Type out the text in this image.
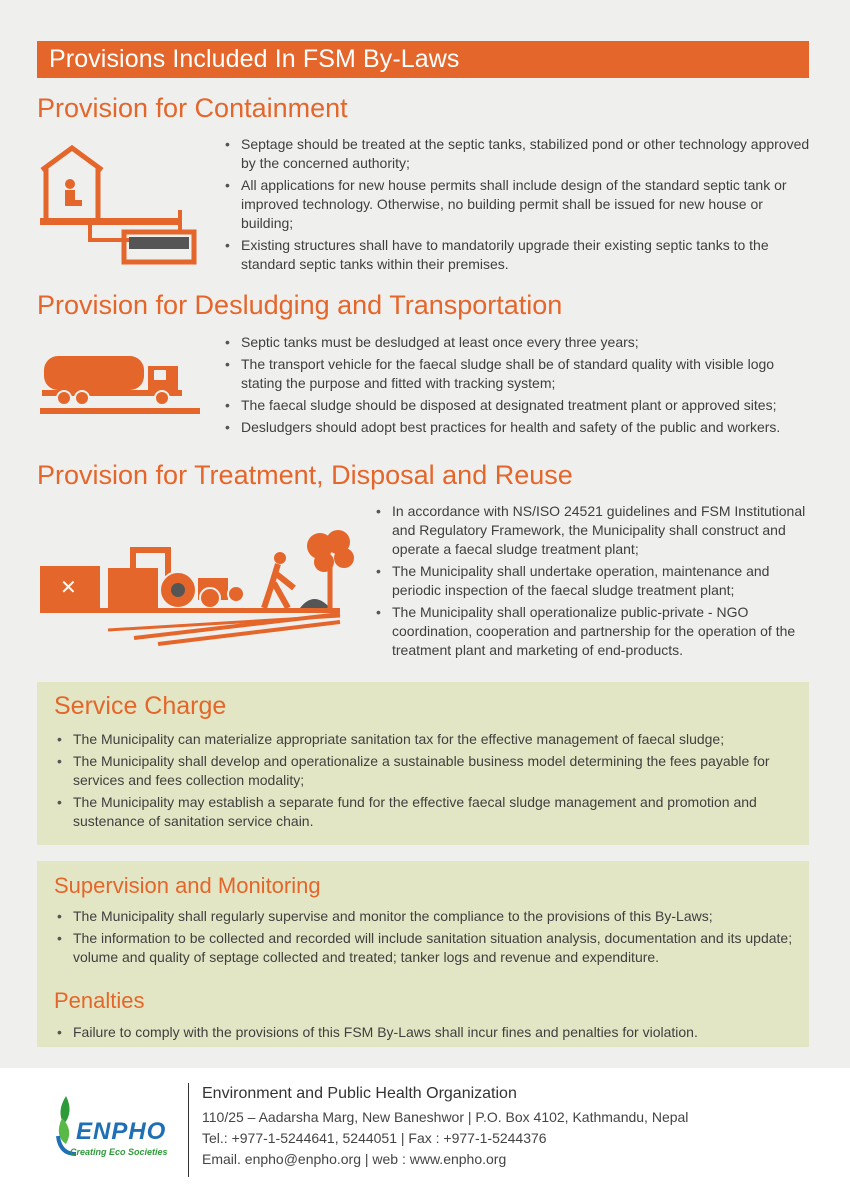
Provisions Included In FSM By-Laws
Provision for Containment
• Septage should be treated at the septic tanks, stabilized pond or other technology approved by the concerned authority;
• All applications for new house permits shall include design of the standard septic tank or improved technology. Otherwise, no building permit shall be issued for new house or building;
• Existing structures shall have to mandatorily upgrade their existing septic tanks to the standard septic tanks within their premises.
Provision for Desludging and Transportation
• Septic tanks must be desludged at least once every three years;
• The transport vehicle for the faecal sludge shall be of standard quality with visible logo stating the purpose and fitted with tracking system;
• The faecal sludge should be disposed at designated treatment plant or approved sites;
• Desludgers should adopt best practices for health and safety of the public and workers.
Provision for Treatment, Disposal and Reuse
✕
• In accordance with NS/ISO 24521 guidelines and FSM Institutional and Regulatory Framework, the Municipality shall construct and operate a faecal sludge treatment plant;
• The Municipality shall undertake operation, maintenance and periodic inspection of the faecal sludge treatment plant;
• The Municipality shall operationalize public-private - NGO coordination, cooperation and partnership for the operation of the treatment plant and marketing of end-products.
Service Charge
• The Municipality can materialize appropriate sanitation tax for the effective management of faecal sludge;
• The Municipality shall develop and operationalize a sustainable business model determining the fees payable for services and fees collection modality;
• The Municipality may establish a separate fund for the effective faecal sludge management and promotion and sustenance of sanitation service chain.
Supervision and Monitoring
• The Municipality shall regularly supervise and monitor the compliance to the provisions of this By-Laws;
• The information to be collected and recorded will include sanitation situation analysis, documentation and its update; volume and quality of septage collected and treated; tanker logs and revenue and expenditure.
Penalties
• Failure to comply with the provisions of this FSM By-Laws shall incur fines and penalties for violation.
ENPHO
Creating Eco Societies

Environment and Public Health Organization

110/25 – Aadarsha Marg, New Baneshwor | P.O. Box 4102, Kathmandu, Nepal

Tel.: +977-1-5244641, 5244051 | Fax : +977-1-5244376

Email. enpho@enpho.org | web : www.enpho.org
